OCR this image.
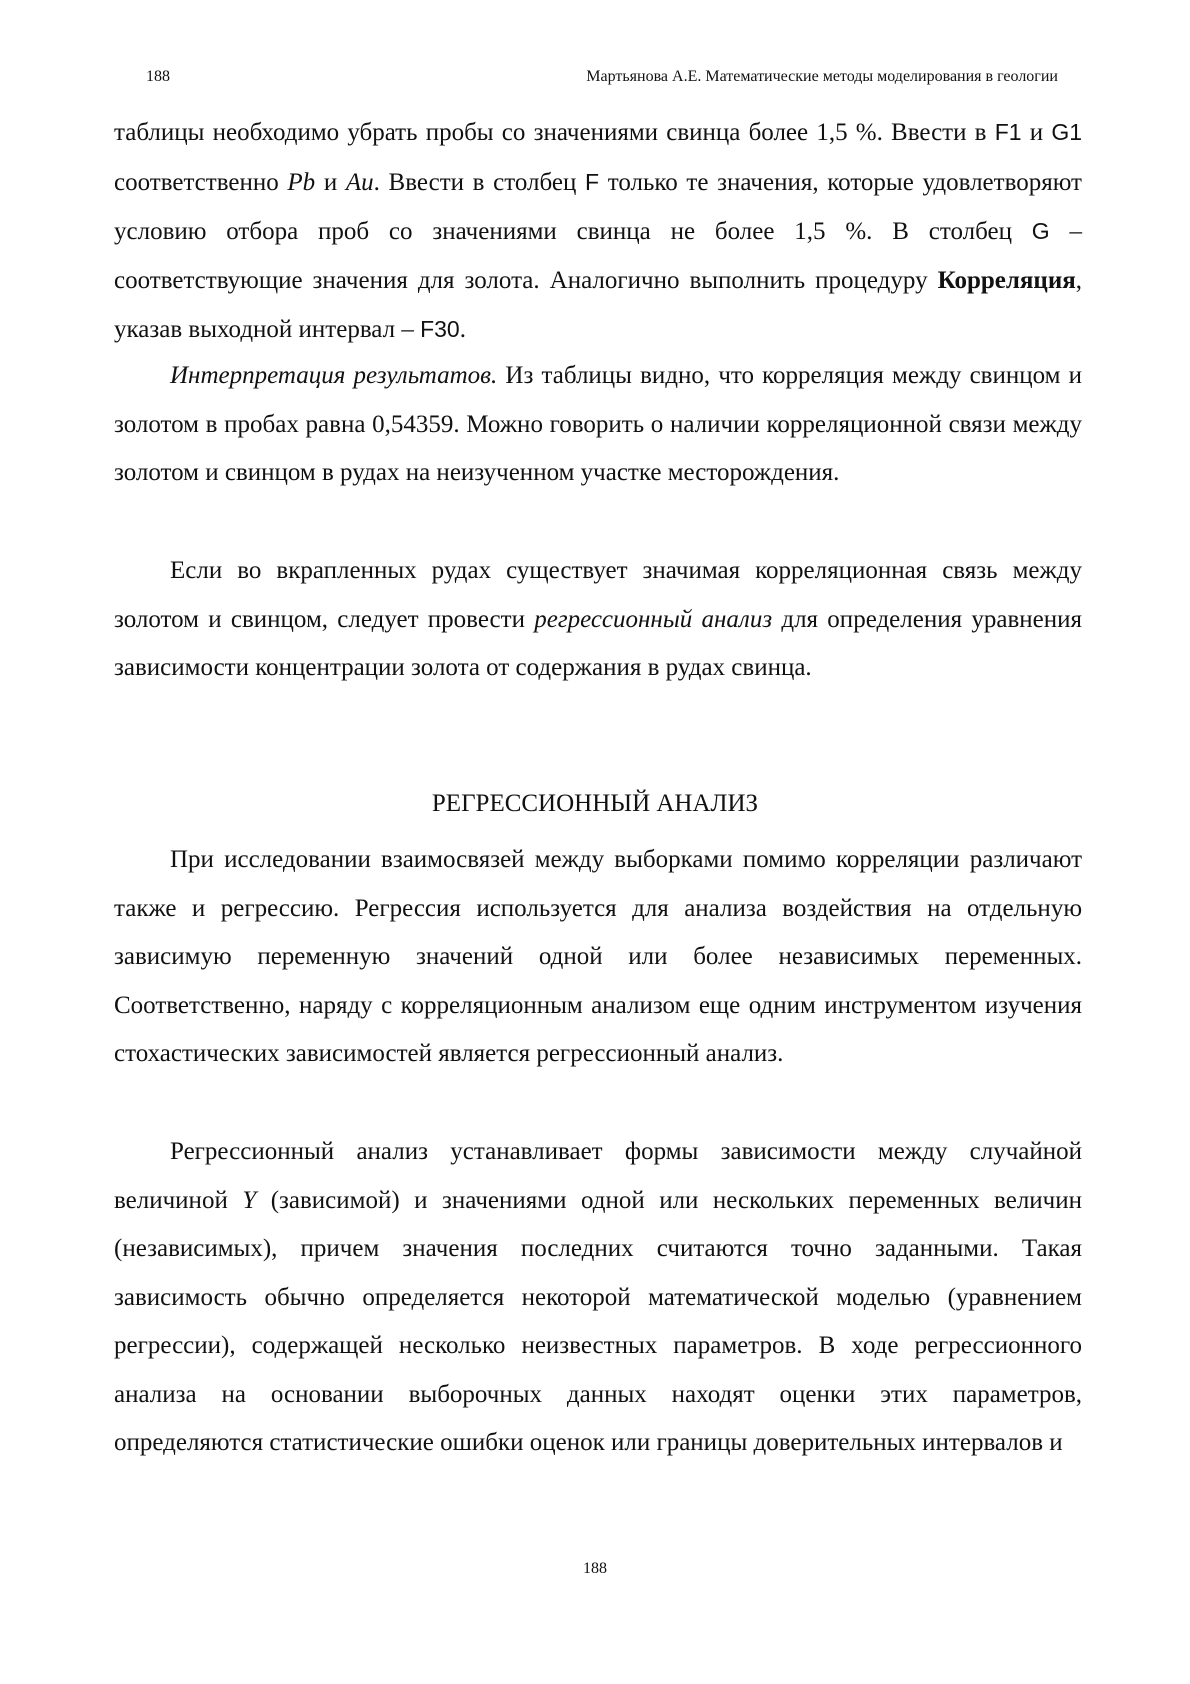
188	Мартьянова А.Е. Математические методы моделирования в геологии

таблицы необходимо убрать пробы со значениями свинца более 1,5 %. Ввести в F1 и G1 соответственно Pb и Au. Ввести в столбец F только те значения, которые удовлетворяют условию отбора проб со значениями свинца не более 1,5 %. В столбец G – соответствующие значения для золота. Аналогично выполнить процедуру Корреляция, указав выходной интервал – F30.

Интерпретация результатов. Из таблицы видно, что корреляция между свинцом и золотом в пробах равна 0,54359. Можно говорить о наличии корреляционной связи между золотом и свинцом в рудах на неизученном участке месторождения.

Если во вкрапленных рудах существует значимая корреляционная связь между золотом и свинцом, следует провести регрессионный анализ для определения уравнения зависимости концентрации золота от содержания в рудах свинца.

РЕГРЕССИОННЫЙ АНАЛИЗ

При исследовании взаимосвязей между выборками помимо корреляции различают также и регрессию. Регрессия используется для анализа воздействия на отдельную зависимую переменную значений одной или более независимых переменных. Соответственно, наряду с корреляционным анализом еще одним инструментом изучения стохастических зависимостей является регрессионный анализ.

Регрессионный анализ устанавливает формы зависимости между случайной величиной Y (зависимой) и значениями одной или нескольких переменных величин (независимых), причем значения последних считаются точно заданными. Такая зависимость обычно определяется некоторой математической моделью (уравнением регрессии), содержащей несколько неизвестных параметров. В ходе регрессионного анализа на основании выборочных данных находят оценки этих параметров, определяются статистические ошибки оценок или границы доверительных интервалов и

188
